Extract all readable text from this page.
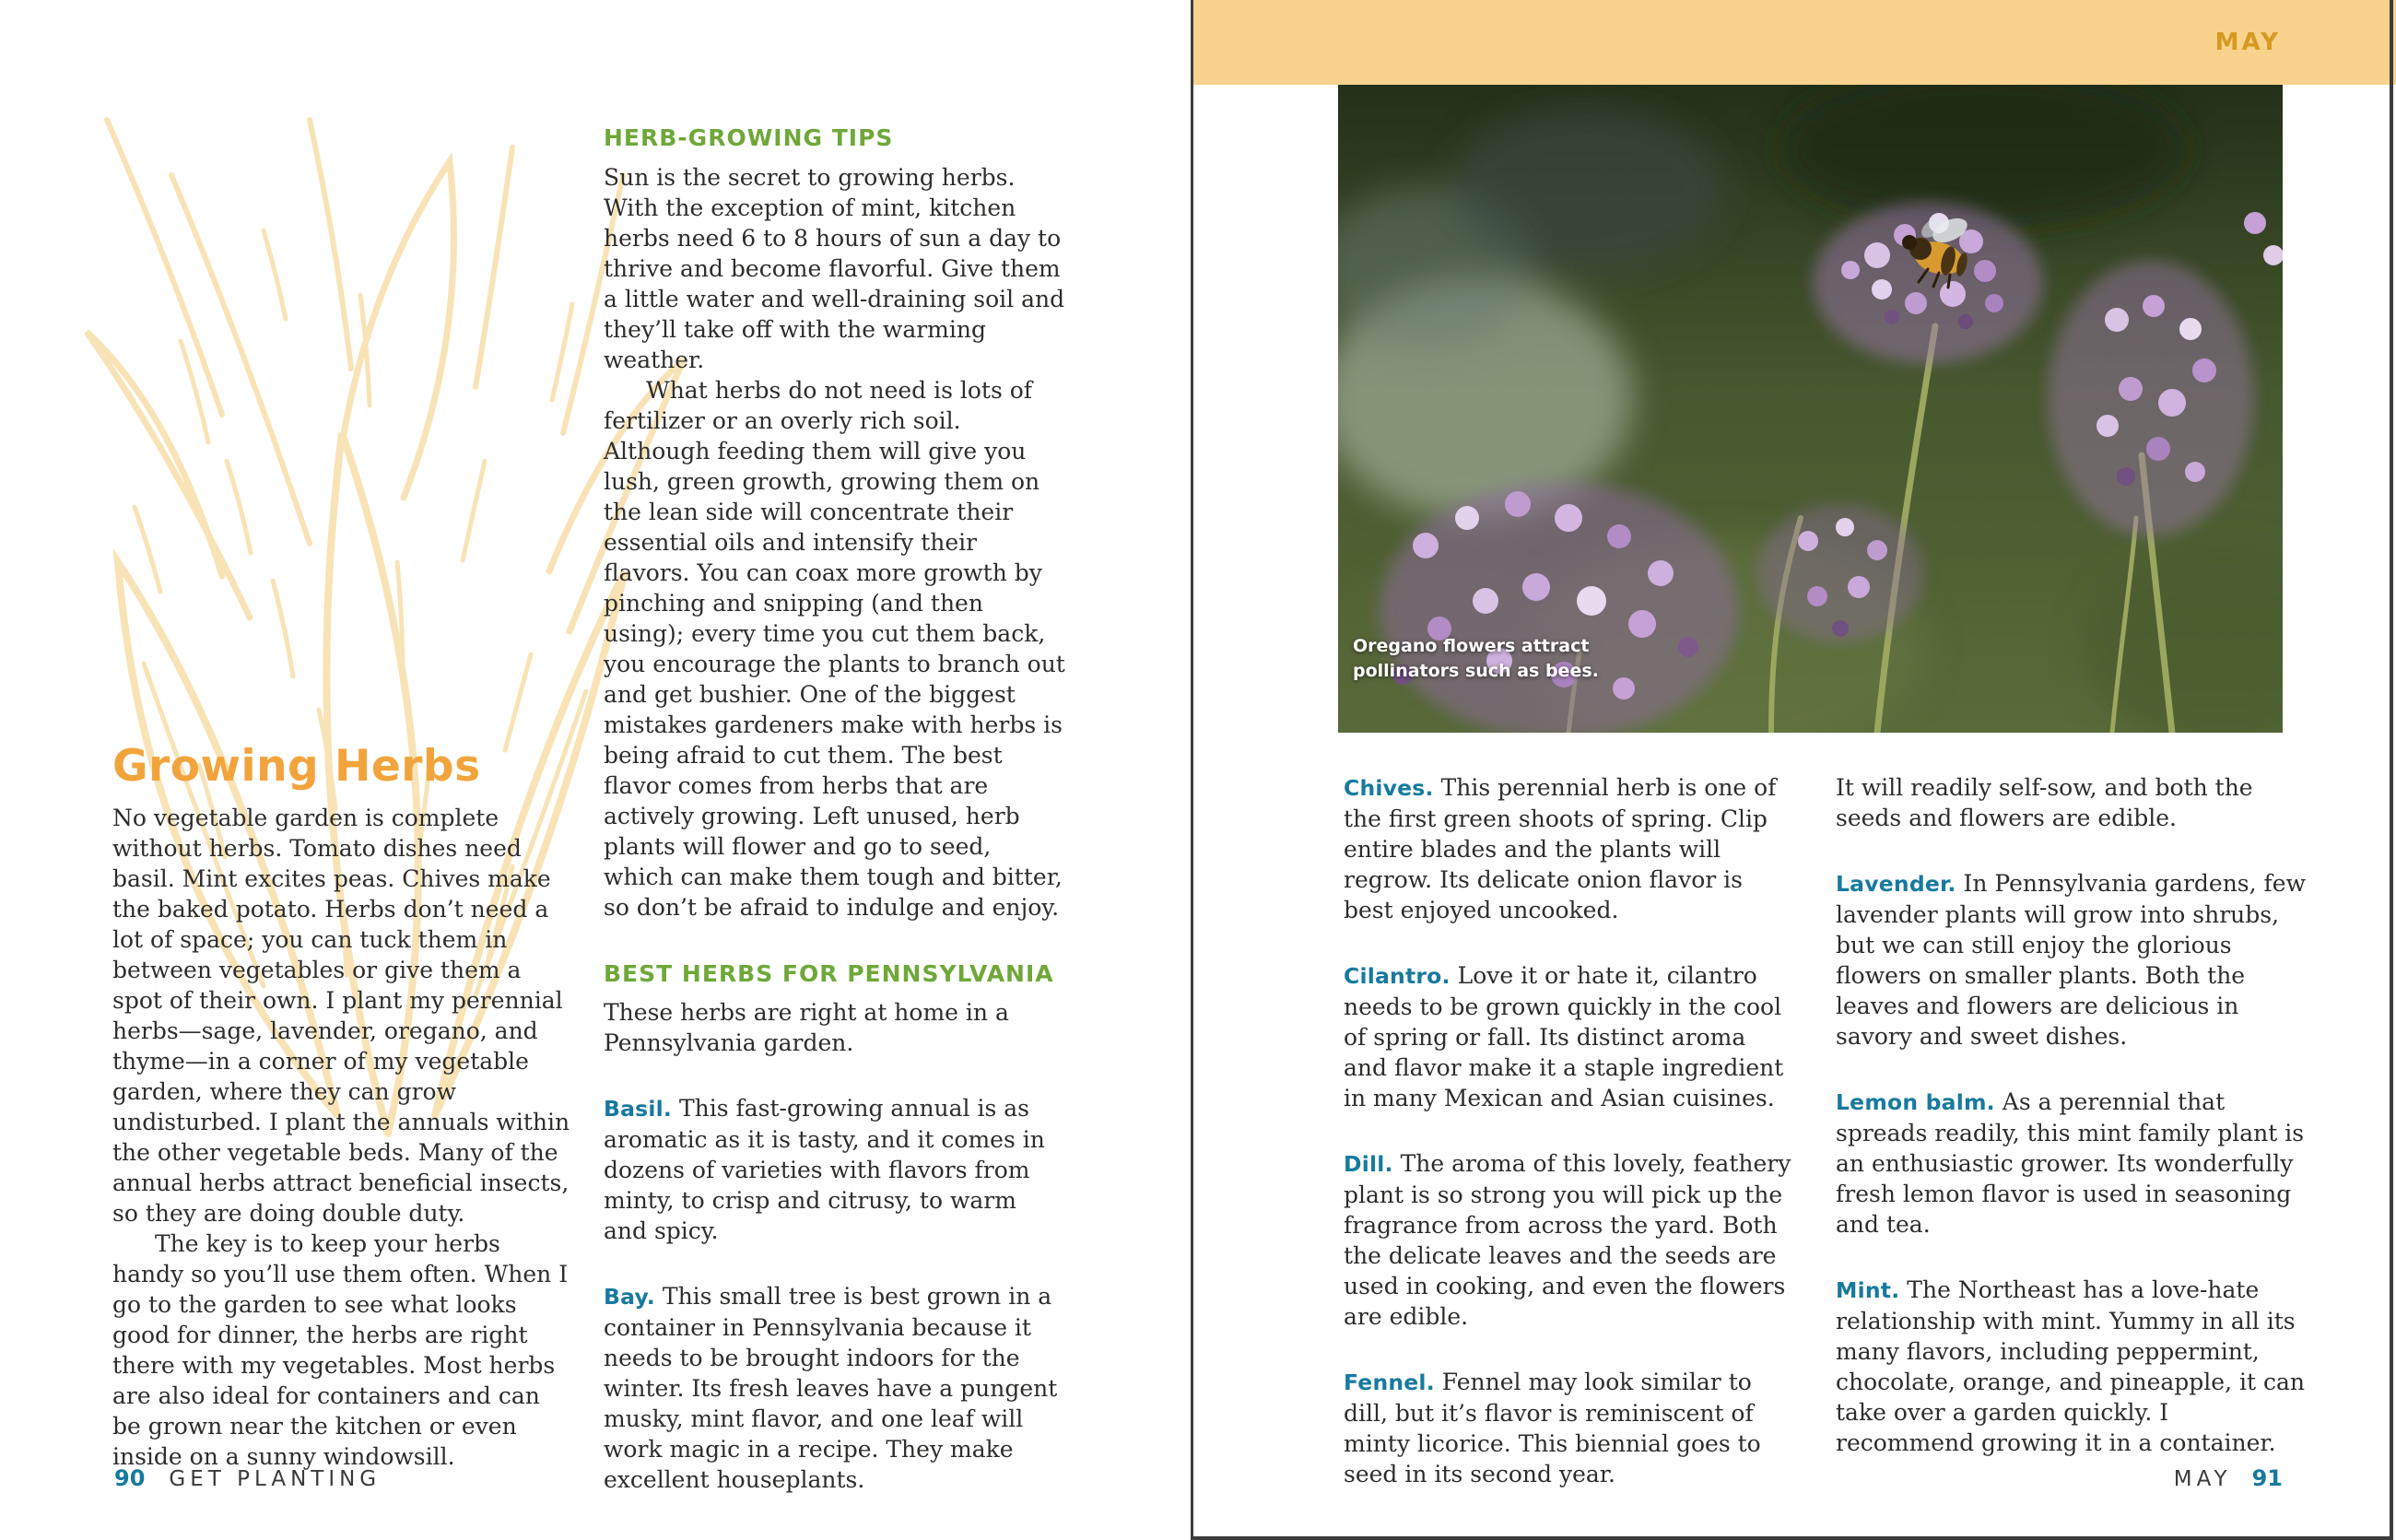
Growing Herbs

No vegetable garden is complete without herbs. Tomato dishes need basil. Mint excites peas. Chives make the baked potato. Herbs don’t need a lot of space; you can tuck them in between vegetables or give them a spot of their own. I plant my perennial herbs—sage, lavender, oregano, and thyme—in a corner of my vegetable garden, where they can grow undisturbed. I plant the annuals within the other vegetable beds. Many of the annual herbs attract beneficial insects, so they are doing double duty.

The key is to keep your herbs handy so you’ll use them often. When I go to the garden to see what looks good for dinner, the herbs are right there with my vegetables. Most herbs are also ideal for containers and can be grown near the kitchen or even inside on a sunny windowsill.

HERB-GROWING TIPS

Sun is the secret to growing herbs. With the exception of mint, kitchen herbs need 6 to 8 hours of sun a day to thrive and become flavorful. Give them a little water and well-draining soil and they’ll take off with the warming weather.

What herbs do not need is lots of fertilizer or an overly rich soil. Although feeding them will give you lush, green growth, growing them on the lean side will concentrate their essential oils and intensify their flavors. You can coax more growth by pinching and snipping (and then using); every time you cut them back, you encourage the plants to branch out and get bushier. One of the biggest mistakes gardeners make with herbs is being afraid to cut them. The best flavor comes from herbs that are actively growing. Left unused, herb plants will flower and go to seed, which can make them tough and bitter, so don’t be afraid to indulge and enjoy.

BEST HERBS FOR PENNSYLVANIA

These herbs are right at home in a Pennsylvania garden.

Basil. This fast-growing annual is as aromatic as it is tasty, and it comes in dozens of varieties with flavors from minty, to crisp and citrusy, to warm and spicy.

Bay. This small tree is best grown in a container in Pennsylvania because it needs to be brought indoors for the winter. Its fresh leaves have a pungent musky, mint flavor, and one leaf will work magic in a recipe. They make excellent houseplants.

MAY
Oregano flowers attract
pollinators such as bees.

Chives. This perennial herb is one of the first green shoots of spring. Clip entire blades and the plants will regrow. Its delicate onion flavor is best enjoyed uncooked.

Cilantro. Love it or hate it, cilantro needs to be grown quickly in the cool of spring or fall. Its distinct aroma and flavor make it a staple ingredient in many Mexican and Asian cuisines.

Dill. The aroma of this lovely, feathery plant is so strong you will pick up the fragrance from across the yard. Both the delicate leaves and the seeds are used in cooking, and even the flowers are edible.

Fennel. Fennel may look similar to dill, but it’s flavor is reminiscent of minty licorice. This biennial goes to seed in its second year.

It will readily self-sow, and both the seeds and flowers are edible.

Lavender. In Pennsylvania gardens, few lavender plants will grow into shrubs, but we can still enjoy the glorious flowers on smaller plants. Both the leaves and flowers are delicious in savory and sweet dishes.

Lemon balm. As a perennial that spreads readily, this mint family plant is an enthusiastic grower. Its wonderfully fresh lemon flavor is used in seasoning and tea.

Mint. The Northeast has a love-hate relationship with mint. Yummy in all its many flavors, including peppermint, chocolate, orange, and pineapple, it can take over a garden quickly. I recommend growing it in a container.

90 GET PLANTING	MAY 91
